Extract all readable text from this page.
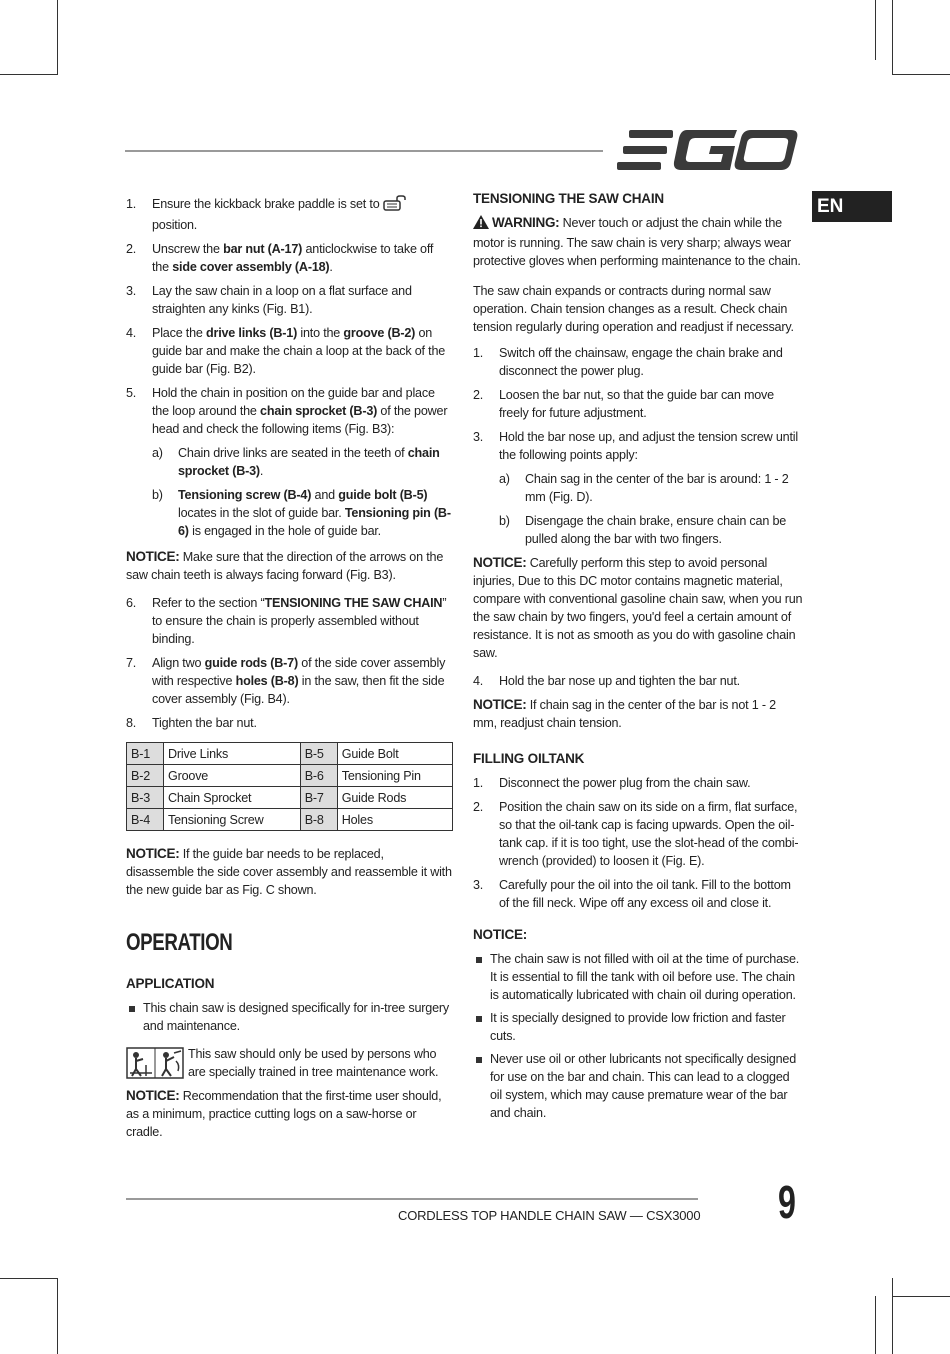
EN
1. Ensure the kickback brake paddle is set to  position.
2. Unscrew the bar nut (A-17) anticlockwise to take off the side cover assembly (A-18).
3. Lay the saw chain in a loop on a flat surface and straighten any kinks (Fig. B1).
4. Place the drive links (B-1) into the groove (B-2) on guide bar and make the chain a loop at the back of the guide bar (Fig. B2).
5. Hold the chain in position on the guide bar and place the loop around the chain sprocket (B-3) of the power head and check the following items (Fig. B3):
a) Chain drive links are seated in the teeth of chain sprocket (B-3).
b) Tensioning screw (B-4) and guide bolt (B-5) locates in the slot of guide bar. Tensioning pin (B-6) is engaged in the hole of guide bar.
NOTICE: Make sure that the direction of the arrows on the saw chain teeth is always facing forward (Fig. B3).
6. Refer to the section “TENSIONING THE SAW CHAIN” to ensure the chain is properly assembled without binding.
7. Align two guide rods (B-7) of the side cover assembly with respective holes (B-8) in the saw, then fit the side cover assembly (Fig. B4).
8. Tighten the bar nut.
B-1	Drive Links	B-5	Guide Bolt
B-2	Groove	B-6	Tensioning Pin
B-3	Chain Sprocket	B-7	Guide Rods
B-4	Tensioning Screw	B-8	Holes
NOTICE: If the guide bar needs to be replaced, disassemble the side cover assembly and reassemble it with the new guide bar as Fig. C shown.
OPERATION
APPLICATION
This chain saw is designed specifically for in-tree surgery and maintenance.
This saw should only be used by persons who are specially trained in tree maintenance work.
NOTICE: Recommendation that the first-time user should, as a minimum, practice cutting logs on a saw-horse or cradle.
TENSIONING THE SAW CHAIN
WARNING: Never touch or adjust the chain while the motor is running. The saw chain is very sharp; always wear protective gloves when performing maintenance to the chain.
The saw chain expands or contracts during normal saw operation. Chain tension changes as a result. Check chain tension regularly during operation and readjust if necessary.
1. Switch off the chainsaw, engage the chain brake and disconnect the power plug.
2. Loosen the bar nut, so that the guide bar can move freely for future adjustment.
3. Hold the bar nose up, and adjust the tension screw until the following points apply:
a) Chain sag in the center of the bar is around: 1 - 2 mm (Fig. D).
b) Disengage the chain brake, ensure chain can be pulled along the bar with two fingers.
NOTICE: Carefully perform this step to avoid personal injuries, Due to this DC motor contains magnetic material, compare with conventional gasoline chain saw, when you run the saw chain by two fingers, you'd feel a certain amount of resistance. It is not as smooth as you do with gasoline chain saw.
4. Hold the bar nose up and tighten the bar nut.
NOTICE: If chain sag in the center of the bar is not 1 - 2 mm, readjust chain tension.
FILLING OILTANK
1. Disconnect the power plug from the chain saw.
2. Position the chain saw on its side on a firm, flat surface, so that the oil-tank cap is facing upwards. Open the oil-tank cap. if it is too tight, use the slot-head of the combi- wrench (provided) to loosen it (Fig. E).
3. Carefully pour the oil into the oil tank. Fill to the bottom of the fill neck. Wipe off any excess oil and close it.
NOTICE:
The chain saw is not filled with oil at the time of purchase. It is essential to fill the tank with oil before use. The chain is automatically lubricated with chain oil during operation.
It is specially designed to provide low friction and faster cuts.
Never use oil or other lubricants not specifically designed for use on the bar and chain. This can lead to a clogged oil system, which may cause premature wear of the bar and chain.
CORDLESS TOP HANDLE CHAIN SAW — CSX3000 9
